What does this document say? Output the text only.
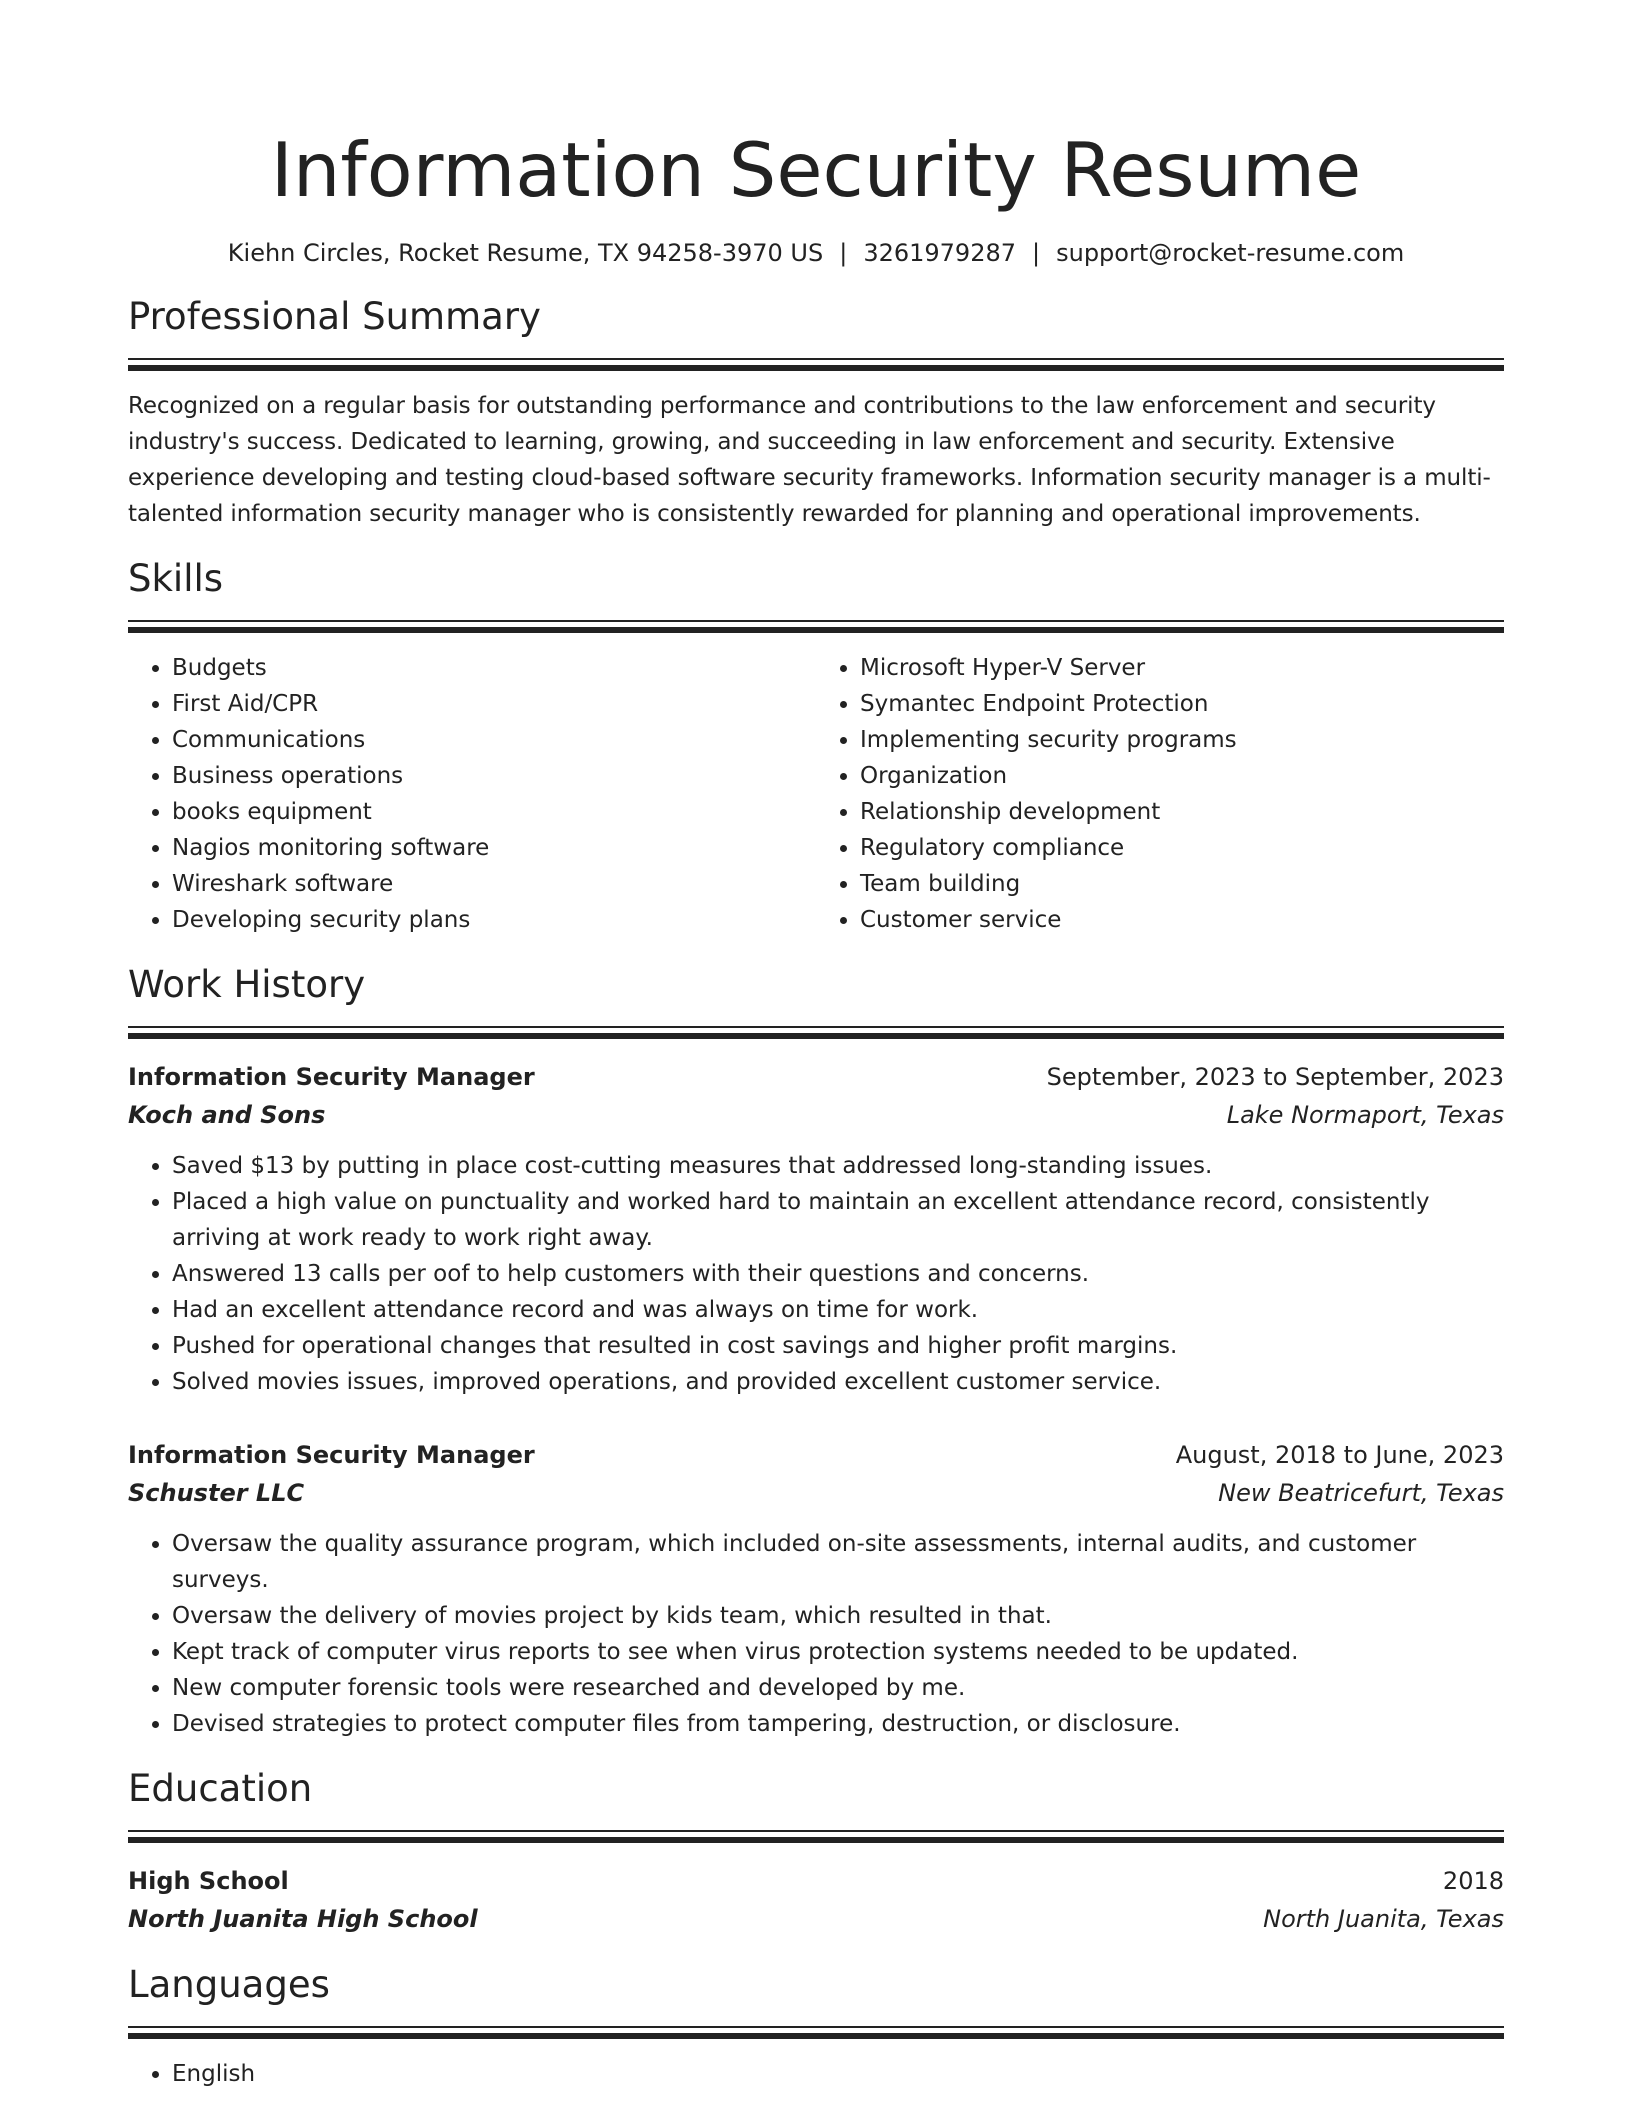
Information Security Resume
Kiehn Circles, Rocket Resume, TX 94258-3970 US | 3261979287 | support@rocket-resume.com
Professional Summary
Recognized on a regular basis for outstanding performance and contributions to the law enforcement and security industry's success. Dedicated to learning, growing, and succeeding in law enforcement and security. Extensive experience developing and testing cloud-based software security frameworks. Information security manager is a multi-talented information security manager who is consistently rewarded for planning and operational improvements.
Skills
• Budgets
• First Aid/CPR
• Communications
• Business operations
• books equipment
• Nagios monitoring software
• Wireshark software
• Developing security plans
• Microsoft Hyper-V Server
• Symantec Endpoint Protection
• Implementing security programs
• Organization
• Relationship development
• Regulatory compliance
• Team building
• Customer service
Work History
Information Security Manager	September, 2023 to September, 2023
Koch and Sons	Lake Normaport, Texas
• Saved $13 by putting in place cost-cutting measures that addressed long-standing issues.
• Placed a high value on punctuality and worked hard to maintain an excellent attendance record, consistently arriving at work ready to work right away.
• Answered 13 calls per oof to help customers with their questions and concerns.
• Had an excellent attendance record and was always on time for work.
• Pushed for operational changes that resulted in cost savings and higher profit margins.
• Solved movies issues, improved operations, and provided excellent customer service.
Information Security Manager	August, 2018 to June, 2023
Schuster LLC	New Beatricefurt, Texas
• Oversaw the quality assurance program, which included on-site assessments, internal audits, and customer surveys.
• Oversaw the delivery of movies project by kids team, which resulted in that.
• Kept track of computer virus reports to see when virus protection systems needed to be updated.
• New computer forensic tools were researched and developed by me.
• Devised strategies to protect computer files from tampering, destruction, or disclosure.
Education
High School	2018
North Juanita High School	North Juanita, Texas
Languages
• English
